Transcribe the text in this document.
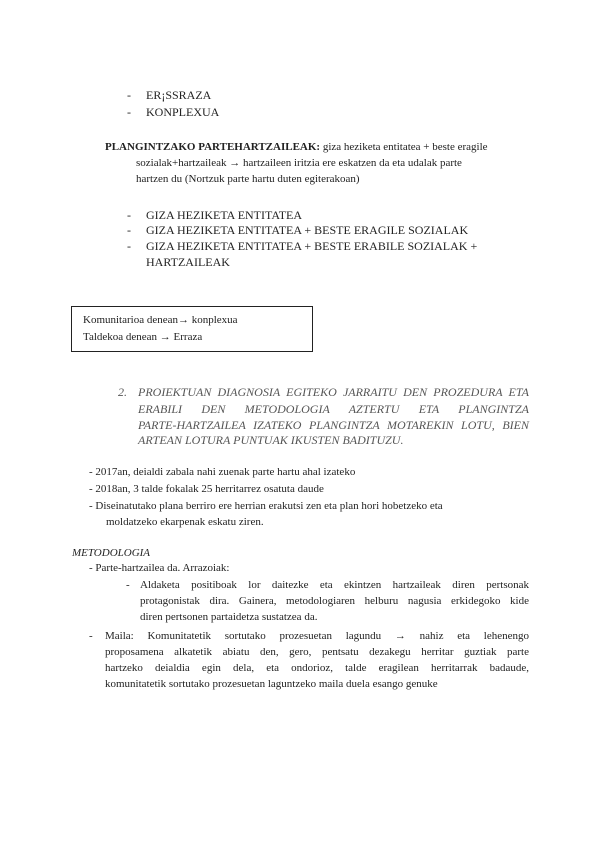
- ER¡SSRAZA
- KONPLEXUA
PLANGINTZAKO PARTEHARTZAILEAK: giza heziketa entitatea + beste eragile
sozialak+hartzaileak → hartzaileen iritzia ere eskatzen da eta udalak parte
hartzen du (Nortzuk parte hartu duten egiterakoan)
- GIZA HEZIKETA ENTITATEA
- GIZA HEZIKETA ENTITATEA + BESTE ERAGILE SOZIALAK
- GIZA HEZIKETA ENTITATEA + BESTE ERABILE SOZIALAK +
HARTZAILEAK
Komunitarioa denean→ konplexua
Taldekoa denean → Erraza
2. PROIEKTUAN DIAGNOSIA EGITEKO JARRAITU DEN PROZEDURA ETA
ERABILI DEN METODOLOGIA AZTERTU ETA PLANGINTZA
PARTE-HARTZAILEA IZATEKO PLANGINTZA MOTAREKIN LOTU, BIEN
ARTEAN LOTURA PUNTUAK IKUSTEN BADITUZU.
- 2017an, deialdi zabala nahi zuenak parte hartu ahal izateko
- 2018an, 3 talde fokalak 25 herritarrez osatuta daude
- Diseinatutako plana berriro ere herrian erakutsi zen eta plan hori hobetzeko eta
moldatzeko ekarpenak eskatu ziren.
METODOLOGIA
- Parte-hartzailea da. Arrazoiak:
- Aldaketa positiboak lor daitezke eta ekintzen hartzaileak diren pertsonak
protagonistak dira. Gainera, metodologiaren helburu nagusia erkidegoko kide
diren pertsonen partaidetza sustatzea da.
- Maila: Komunitatetik sortutako prozesuetan lagundu → nahiz eta lehenengo
proposamena alkatetik abiatu den, gero, pentsatu dezakegu herritar guztiak parte
hartzeko deialdia egin dela, eta ondorioz, talde eragilean herritarrak badaude,
komunitatetik sortutako prozesuetan laguntzeko maila duela esango genuke
